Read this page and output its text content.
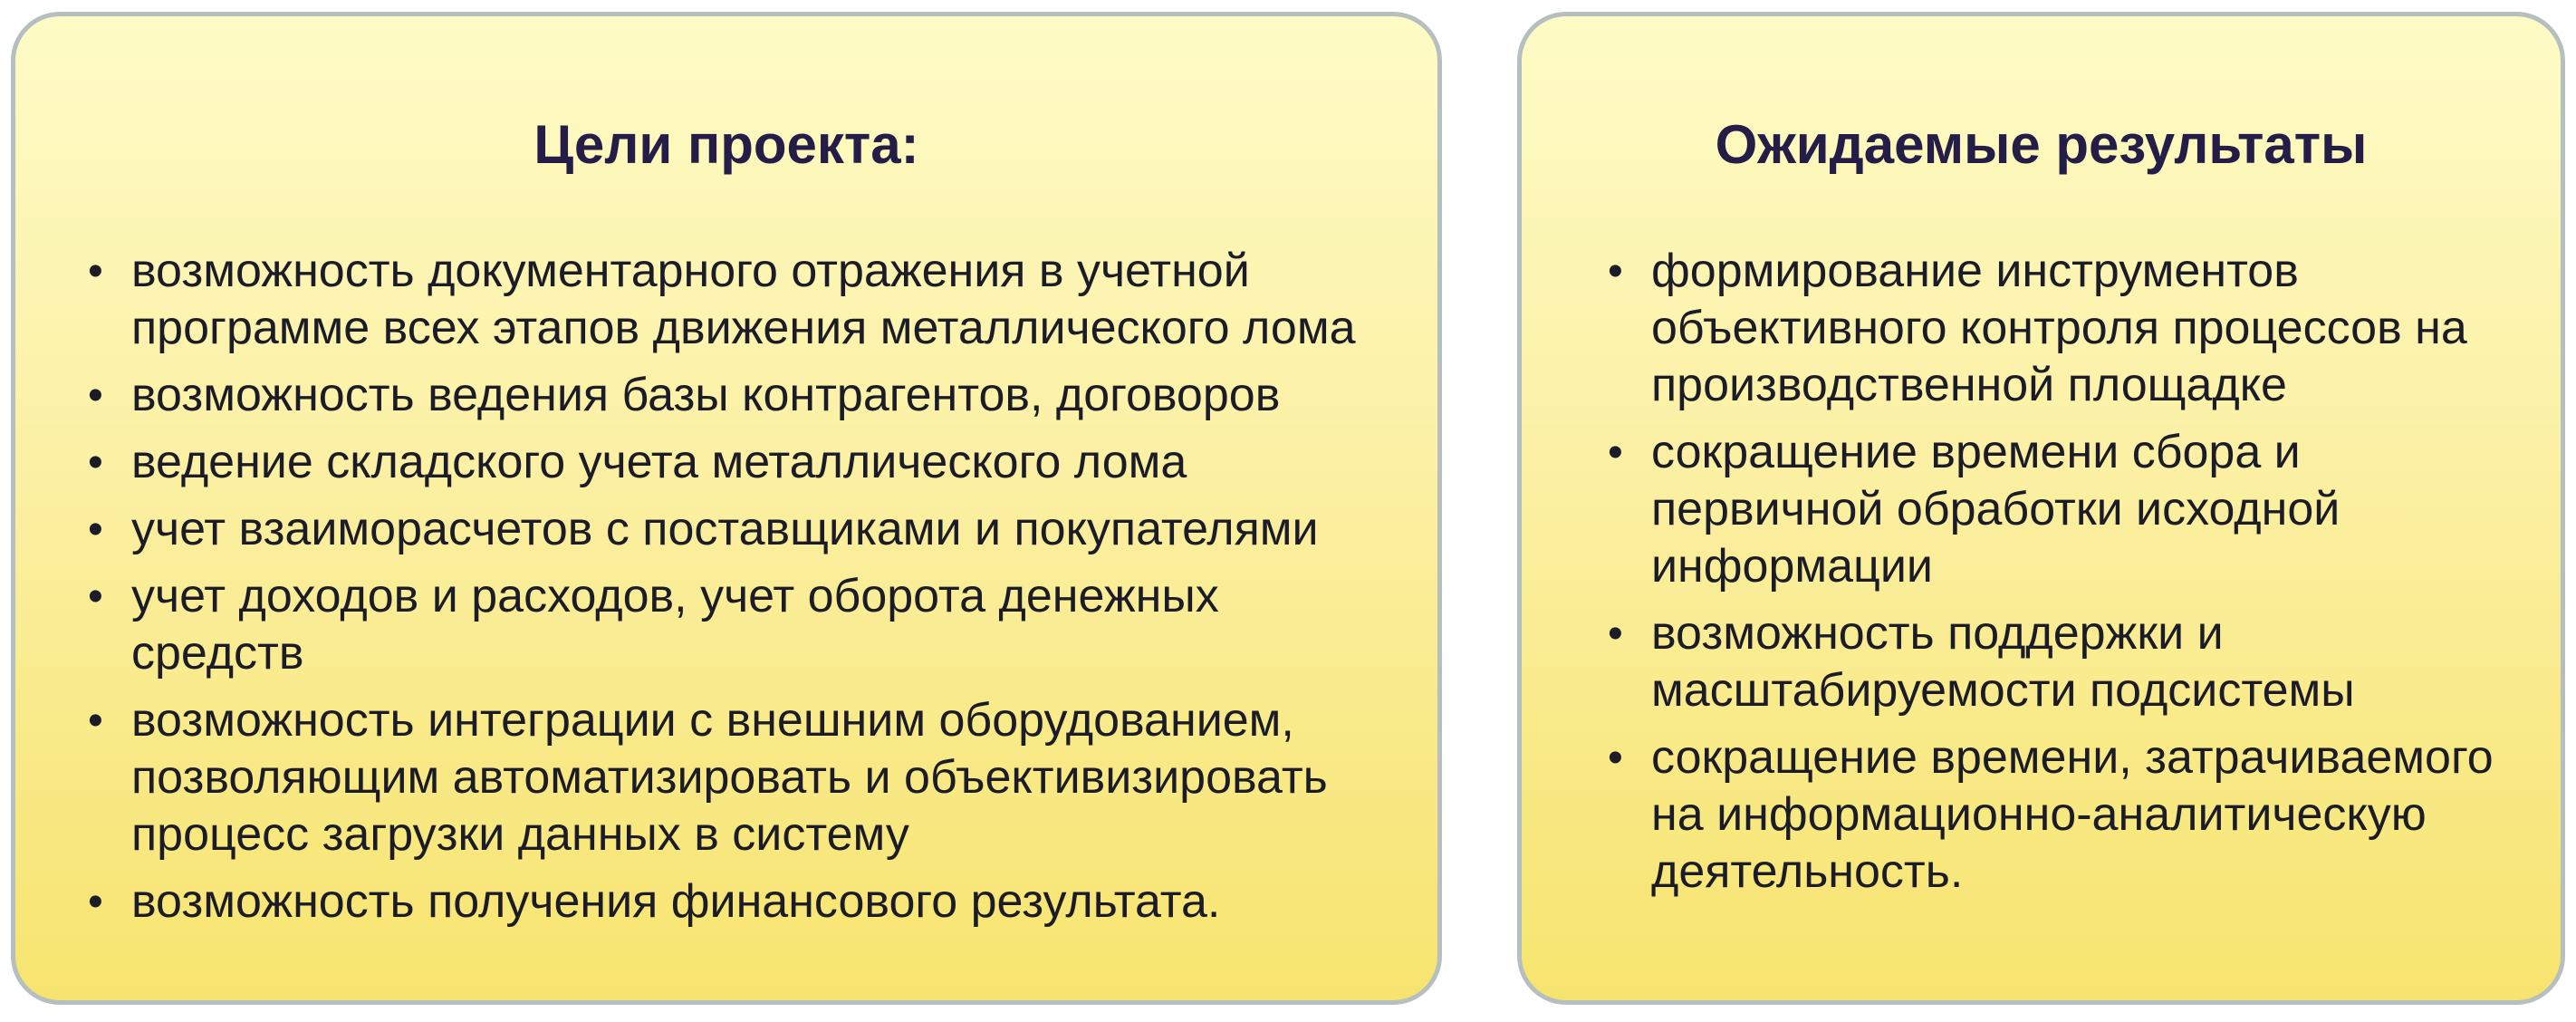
Цели проекта:
• возможность документарного отражения в учетной программе всех этапов движения металлического лома
• возможность ведения базы контрагентов, договоров
• ведение складского учета металлического лома
• учет взаиморасчетов с поставщиками и покупателями
• учет доходов и расходов, учет оборота денежных средств
• возможность интеграции с внешним оборудованием, позволяющим автоматизировать и объективизировать процесс загрузки данных в систему
• возможность получения финансового результата.
Ожидаемые результаты
• формирование инструментов объективного контроля процессов на производственной площадке
• сокращение времени сбора и первичной обработки исходной информации
• возможность поддержки и масштабируемости подсистемы
• сокращение времени, затрачиваемого на информационно-аналитическую деятельность.
